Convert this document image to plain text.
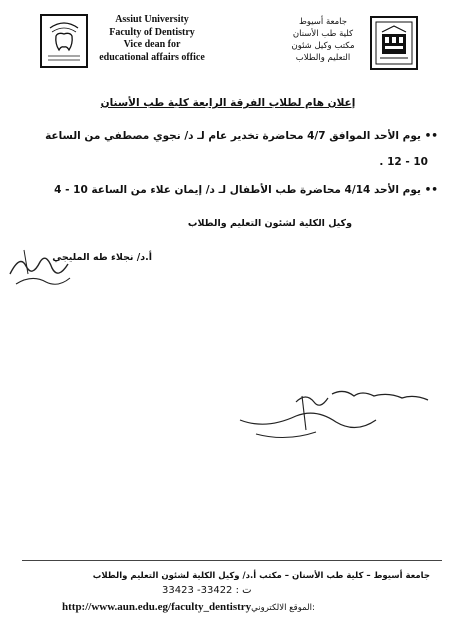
Assiut University
Faculty of Dentistry
Vice dean for
educational affairs office
جامعة أسيوط
كلية طب الأسنان
مكتب وكيل شئون
التعليم والطلاب
إعلان هام لطلاب الفرقة الرابعة كلية طب الأسنان
•• يوم الأحد الموافق 4/7 محاضرة تخدير عام لـ د/ نجوي مصطفي من الساعة
10 - 12 .
•• يوم الأحد 4/14 محاضرة طب الأطفال لـ د/ إيمان علاء من الساعة 10 - 4
وكيل الكلية لشئون التعليم والطلاب
أ.د/ نجلاء طه المليجي
جامعة أسيوط – كلية طب الأسنان – مكتب أ.د/ وكيل الكلية لشئون التعليم والطلاب
ت : 33422- 33423
http://www.aun.edu.eg/faculty_dentistryالموقع الالكتروني:
